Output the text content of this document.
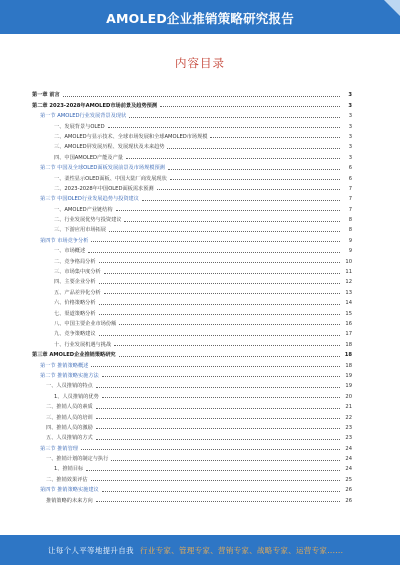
AMOLED企业推销策略研究报告
内容目录
第一章 前言	3
第二章 2023-2028年AMOLED市场前景及趋势预测	3
第一节 AMOLED行业发展背景及现状	3
一、发展背景与OLED	3
二、AMOLED与显示技术、全球市场发展和全球AMOLED市场规模	3
三、AMOLED屏发展历程、发展现状及未来趋势	3
四、中国AMOLED产能及产量	3
第二节 中国及全球OLED面板发展前景及市场规模预测	6
一、柔性显示OLED面板、中国大陆厂商发展现状	6
二、2023-2028年中国OLED面板需求预测	7
第三节 中国OLED行业发展趋势与投资建议	7
一、AMOLED产业链结构	7
二、行业发展优势与投资建议	8
三、下游应用市场拓展	8
第四节 市场竞争分析	9
一、市场概述	9
二、竞争格局分析	10
三、市场集中度分析	11
四、主要企业分析	12
五、产品差异化分析	13
六、价格策略分析	14
七、渠道策略分析	15
八、中国主要企业市场份额	16
九、竞争策略建议	17
十、行业发展机遇与挑战	18
第三章 AMOLED企业推销策略研究	18
第一节 推销策略概述	18
第二节 推销策略实施方法	19
一、人员推销的特点	19
1、人员推销的优势	20
二、推销人员的素质	21
三、推销人员的培训	22
四、推销人员的激励	23
五、人员推销的方式	23
第三节 推销管理	24
一、推销计划的制定与执行	24
1、推销目标	24
二、推销效果评估	25
第四节 推销策略实施建议	26
推销策略的未来方向	26
让每个人平等地提升自我 行业专家、管理专家、营销专家、战略专家、运营专家......
